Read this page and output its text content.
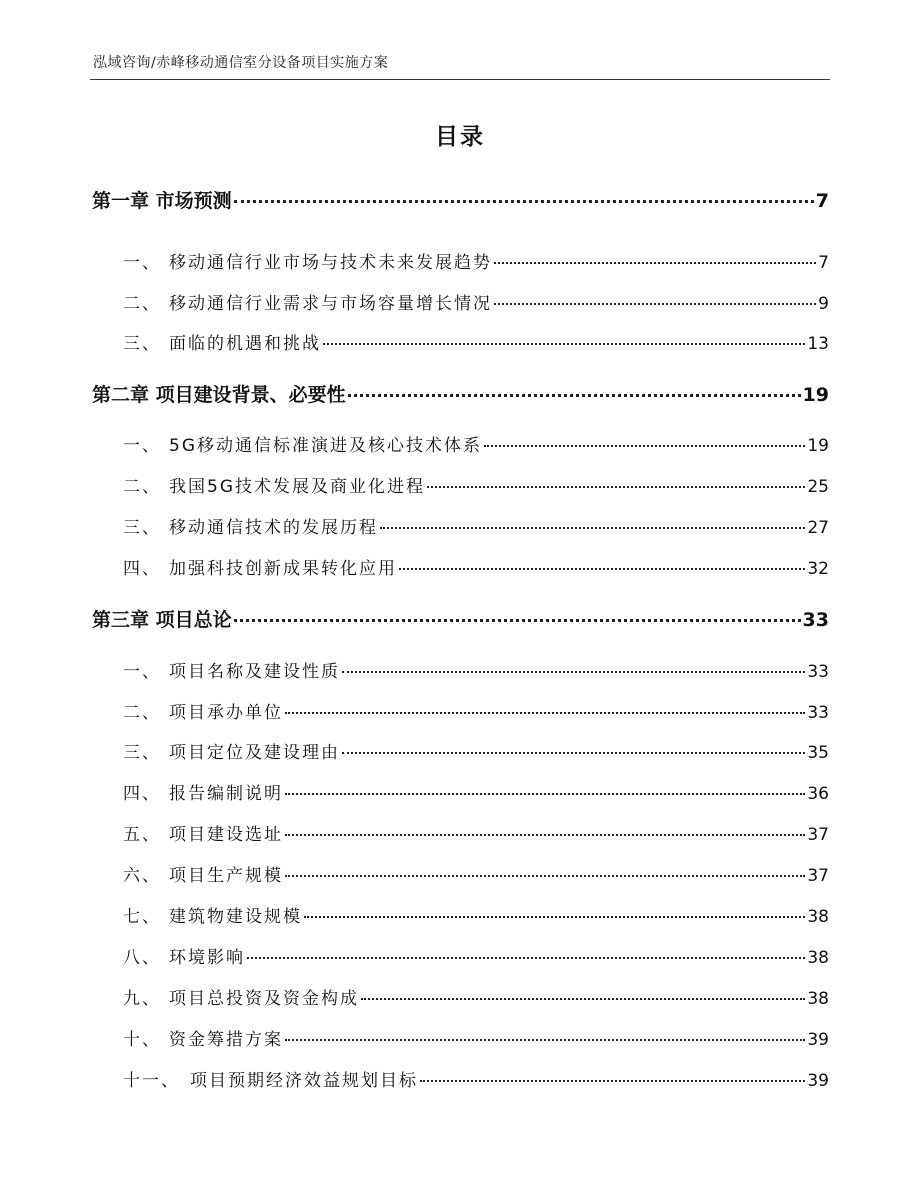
泓域咨询/赤峰移动通信室分设备项目实施方案
目录
第一章 市场预测	7
一、 移动通信行业市场与技术未来发展趋势	7
二、 移动通信行业需求与市场容量增长情况	9
三、 面临的机遇和挑战	13
第二章 项目建设背景、必要性	19
一、 5G移动通信标准演进及核心技术体系	19
二、 我国5G技术发展及商业化进程	25
三、 移动通信技术的发展历程	27
四、 加强科技创新成果转化应用	32
第三章 项目总论	33
一、 项目名称及建设性质	33
二、 项目承办单位	33
三、 项目定位及建设理由	35
四、 报告编制说明	36
五、 项目建设选址	37
六、 项目生产规模	37
七、 建筑物建设规模	38
八、 环境影响	38
九、 项目总投资及资金构成	38
十、 资金筹措方案	39
十一、 项目预期经济效益规划目标	39
